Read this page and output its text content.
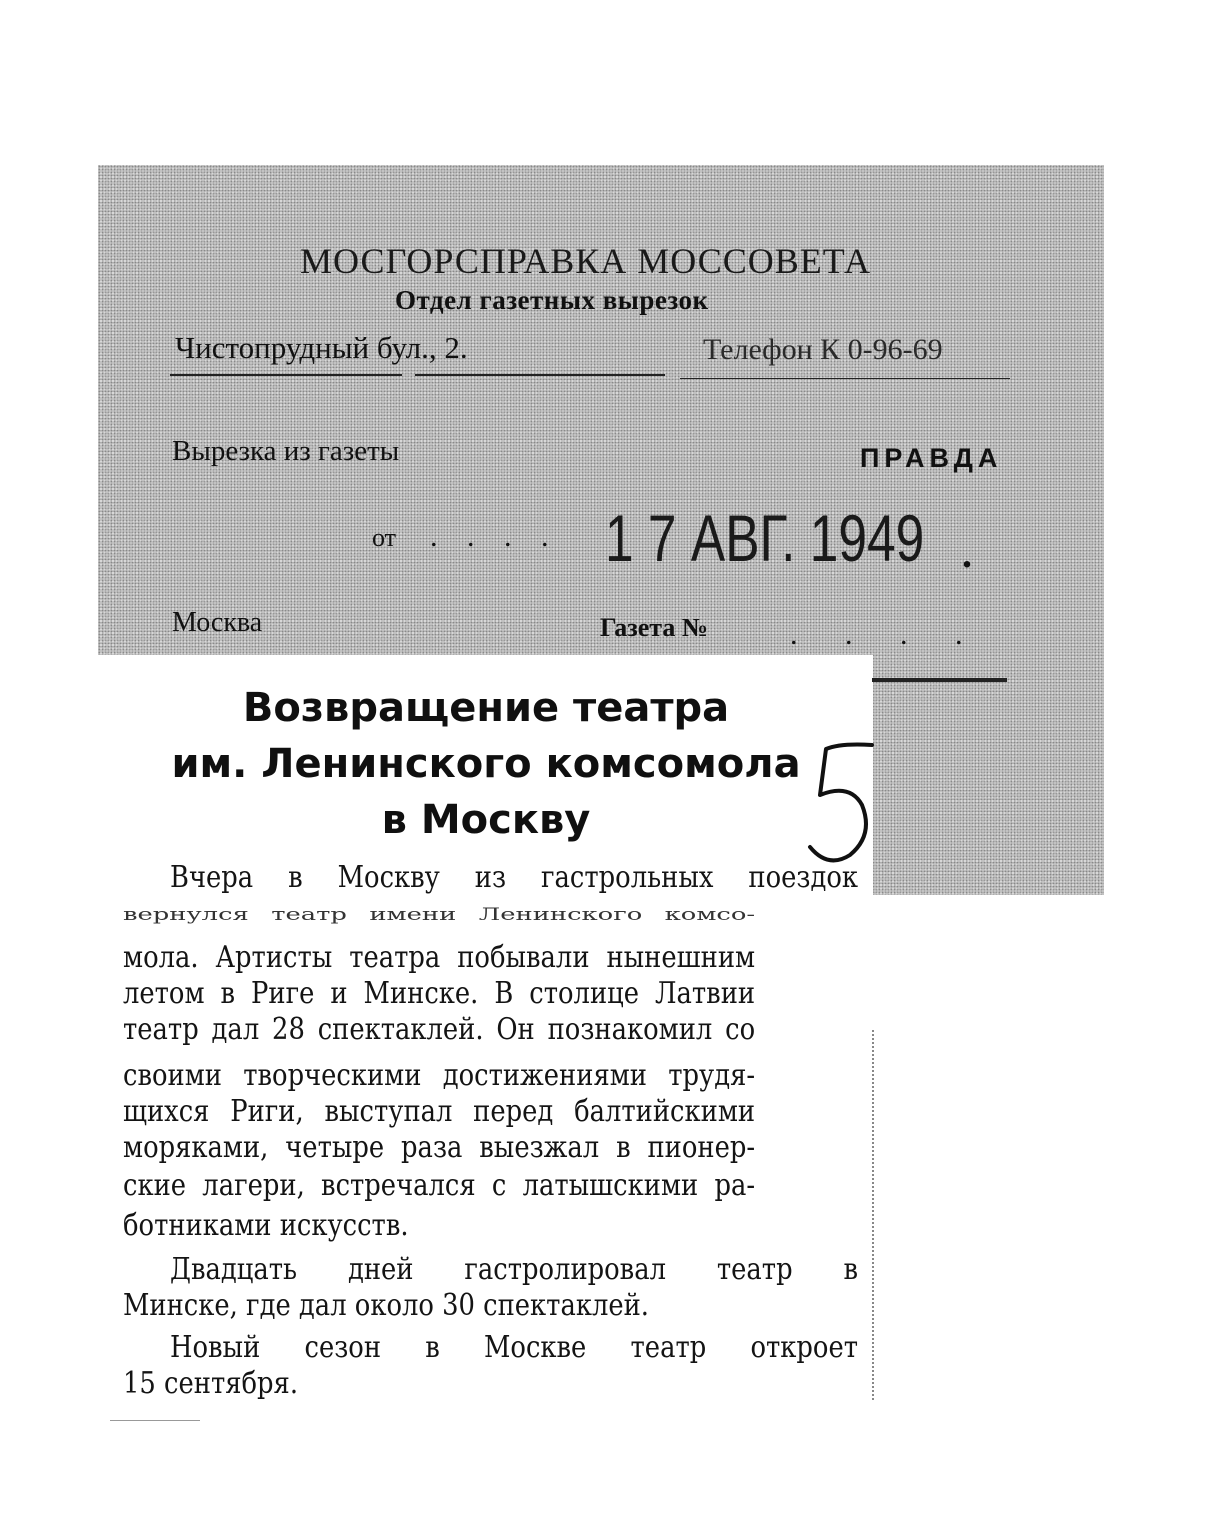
МОСГОРСПРАВКА МОССОВЕТА
Отдел газетных вырезок
Чистопрудный бул., 2.	Телефон К 0-96-69
Вырезка из газеты	ПРАВДА
от . . . . 1 7 АВГ. 1949 .
Москва	Газета №	. . . .
Возвращение театра
им. Ленинского комсомола
в Москву
Вчера в Москву из гастрольных поездок
вернулся театр имени Ленинского комсо-
мола. Артисты театра побывали нынешним
летом в Риге и Минске. В столице Латвии
театр дал 28 спектаклей. Он познакомил со
своими творческими достижениями трудя-
щихся Риги, выступал перед балтийскими
моряками, четыре раза выезжал в пионер-
ские лагери, встречался с латышскими ра-
ботниками искусств.
Двадцать дней гастролировал театр в
Минске, где дал около 30 спектаклей.
Новый сезон в Москве театр откроет
15 сентября.
